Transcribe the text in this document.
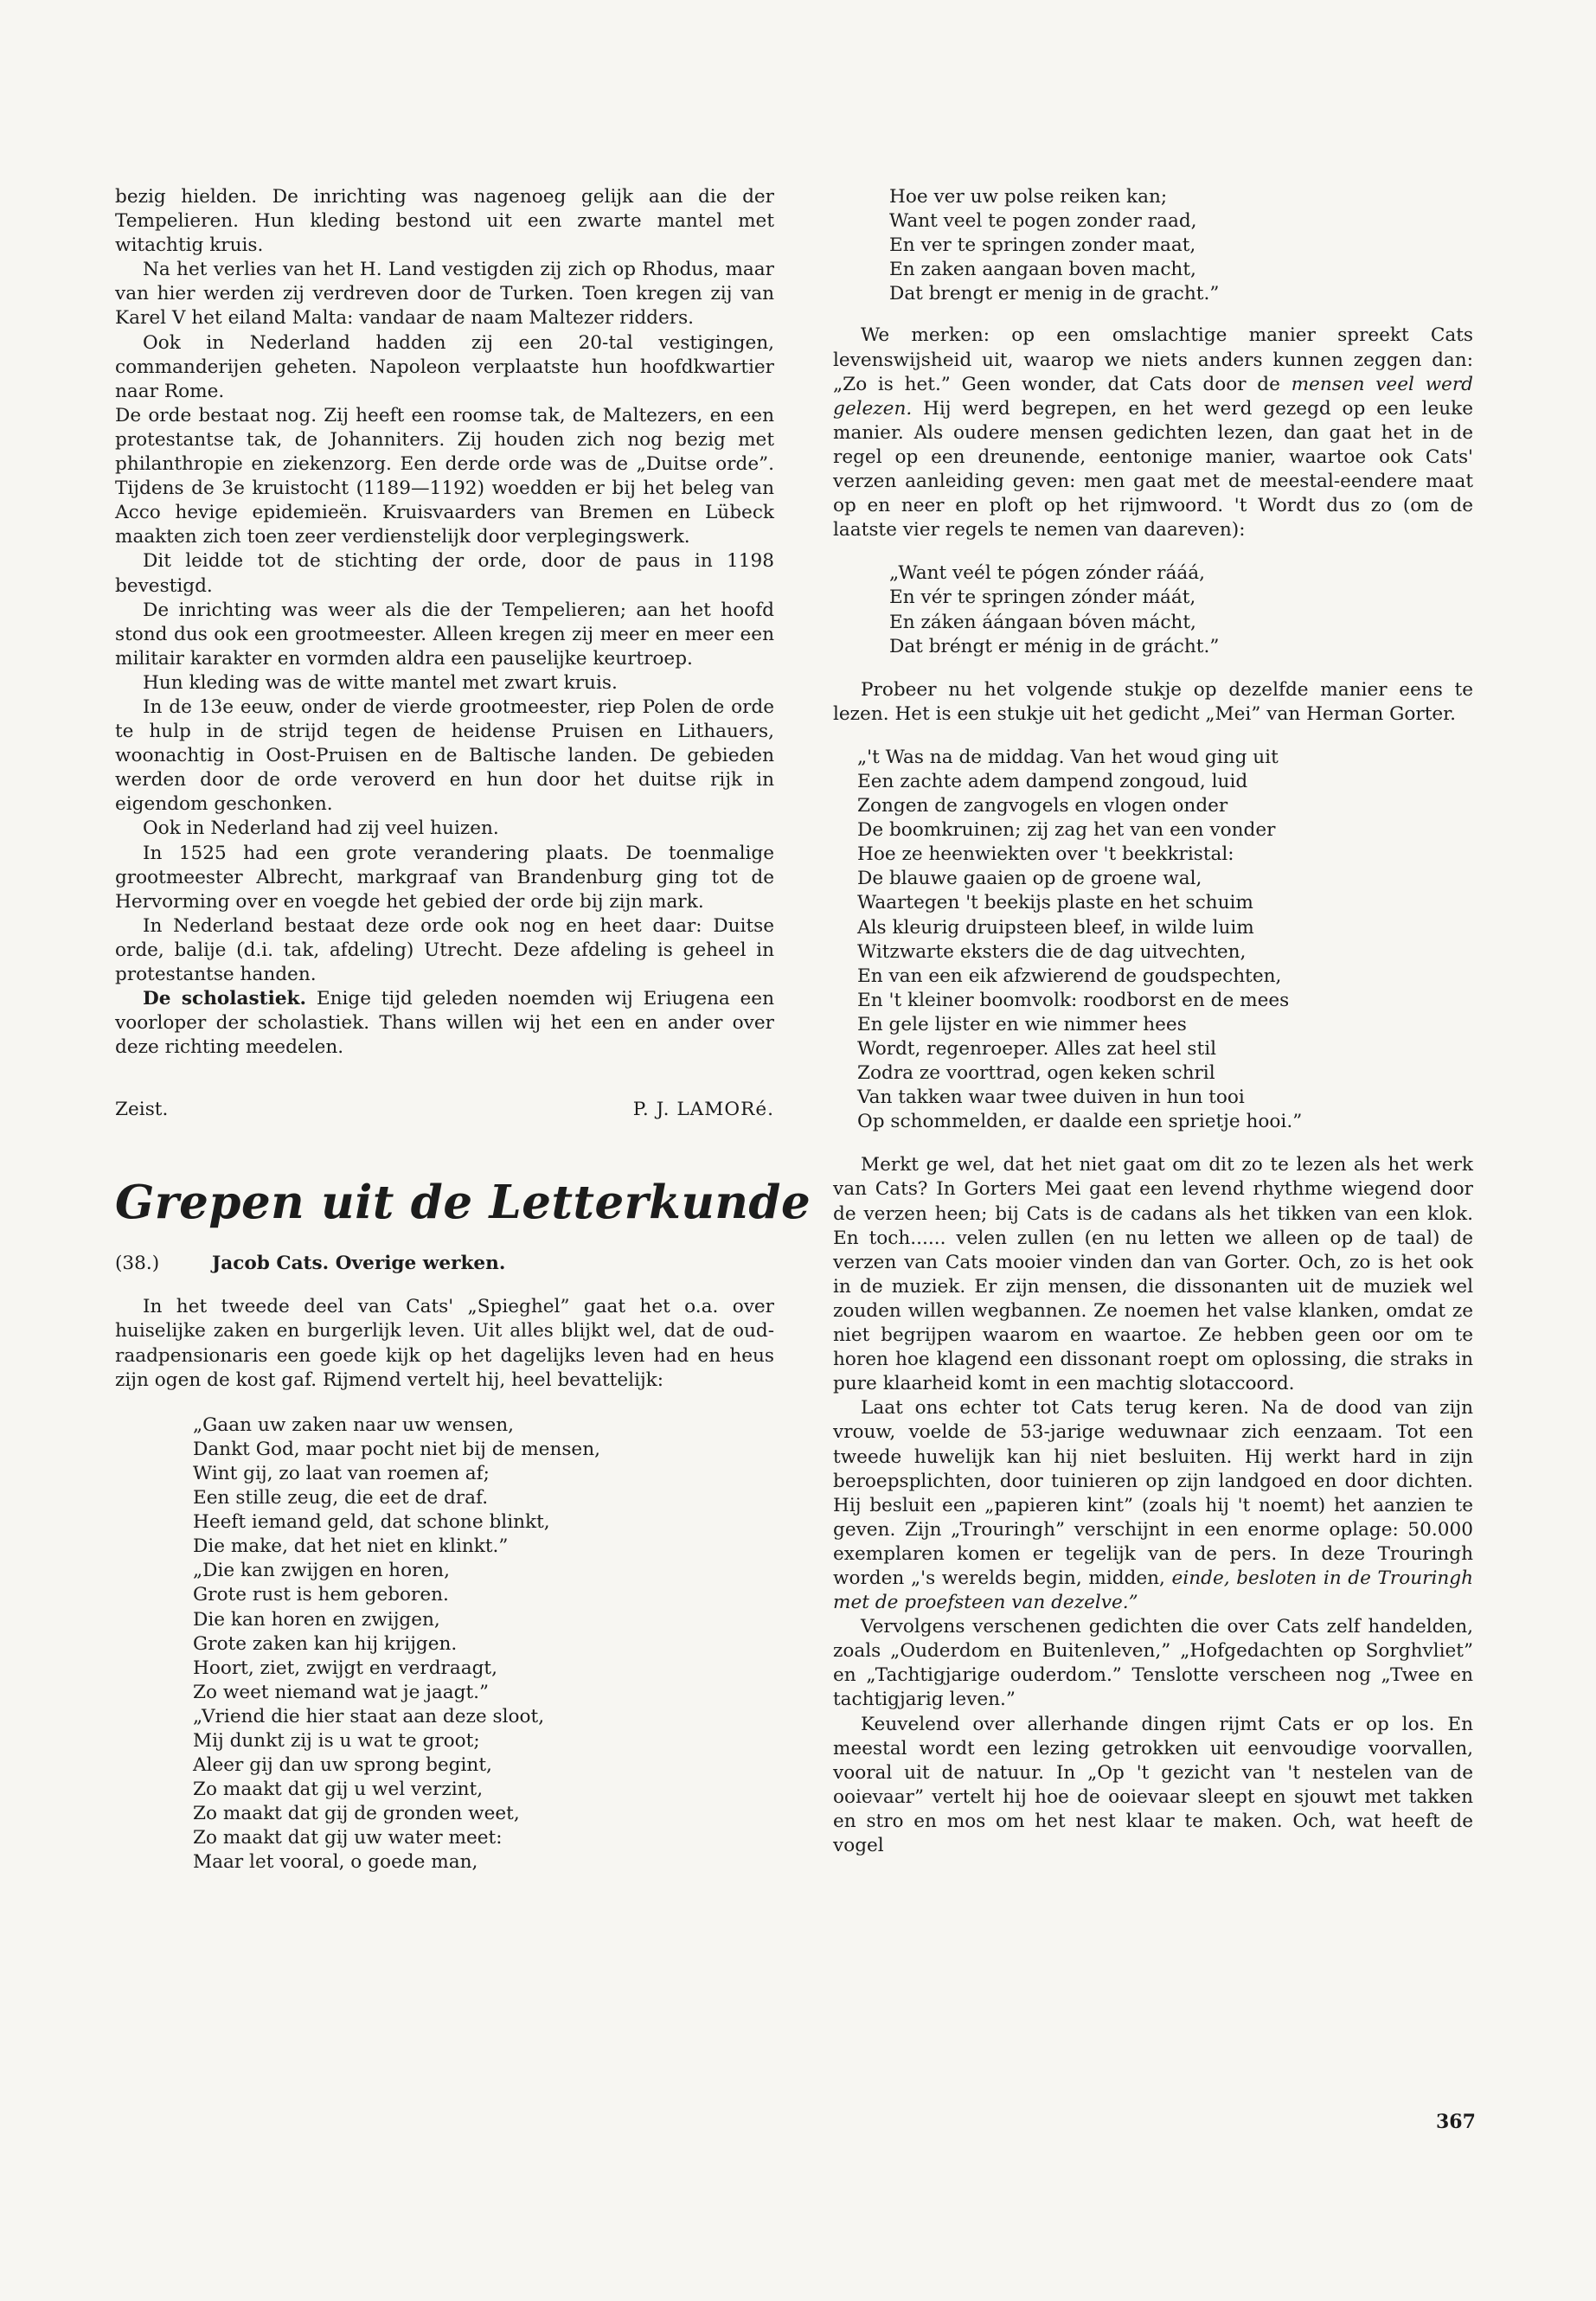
bezig hielden. De inrichting was nagenoeg gelijk aan die der Tempelieren. Hun kleding bestond uit een zwarte mantel met witachtig kruis.

Na het verlies van het H. Land vestigden zij zich op Rhodus, maar van hier werden zij verdreven door de Turken. Toen kregen zij van Karel V het eiland Malta: vandaar de naam Maltezer ridders.

Ook in Nederland hadden zij een 20-tal vestigingen, commanderijen geheten. Napoleon verplaatste hun hoofdkwartier naar Rome.

De orde bestaat nog. Zij heeft een roomse tak, de Maltezers, en een protestantse tak, de Johanniters. Zij houden zich nog bezig met philanthropie en ziekenzorg. Een derde orde was de „Duitse orde”. Tijdens de 3e kruistocht (1189—1192) woedden er bij het beleg van Acco hevige epidemieën. Kruisvaarders van Bremen en Lübeck maakten zich toen zeer verdienstelijk door verplegingswerk.

Dit leidde tot de stichting der orde, door de paus in 1198 bevestigd.

De inrichting was weer als die der Tempelieren; aan het hoofd stond dus ook een grootmeester. Alleen kregen zij meer en meer een militair karakter en vormden aldra een pauselijke keurtroep.

Hun kleding was de witte mantel met zwart kruis.

In de 13e eeuw, onder de vierde grootmeester, riep Polen de orde te hulp in de strijd tegen de heidense Pruisen en Lithauers, woonachtig in Oost-Pruisen en de Baltische landen. De gebieden werden door de orde veroverd en hun door het duitse rijk in eigendom geschonken.

Ook in Nederland had zij veel huizen.

In 1525 had een grote verandering plaats. De toenmalige grootmeester Albrecht, markgraaf van Brandenburg ging tot de Hervorming over en voegde het gebied der orde bij zijn mark.

In Nederland bestaat deze orde ook nog en heet daar: Duitse orde, balije (d.i. tak, afdeling) Utrecht. Deze afdeling is geheel in protestantse handen.

De scholastiek. Enige tijd geleden noemden wij Eriugena een voorloper der scholastiek. Thans willen wij het een en ander over deze richting meedelen.

Zeist.	P. J. LAMORé.
Grepen uit de Letterkunde
(38.)	Jacob Cats. Overige werken.

In het tweede deel van Cats' „Spieghel” gaat het o.a. over huiselijke zaken en burgerlijk leven. Uit alles blijkt wel, dat de oud-raadpensionaris een goede kijk op het dagelijks leven had en heus zijn ogen de kost gaf. Rijmend vertelt hij, heel bevattelijk:

„Gaan uw zaken naar uw wensen,
Dankt God, maar pocht niet bij de mensen,
Wint gij, zo laat van roemen af;
Een stille zeug, die eet de draf.
Heeft iemand geld, dat schone blinkt,
Die make, dat het niet en klinkt.”
„Die kan zwijgen en horen,
Grote rust is hem geboren.
Die kan horen en zwijgen,
Grote zaken kan hij krijgen.
Hoort, ziet, zwijgt en verdraagt,
Zo weet niemand wat je jaagt.”
„Vriend die hier staat aan deze sloot,
Mij dunkt zij is u wat te groot;
Aleer gij dan uw sprong begint,
Zo maakt dat gij u wel verzint,
Zo maakt dat gij de gronden weet,
Zo maakt dat gij uw water meet:
Maar let vooral, o goede man,
Hoe ver uw polse reiken kan;
Want veel te pogen zonder raad,
En ver te springen zonder maat,
En zaken aangaan boven macht,
Dat brengt er menig in de gracht.”

We merken: op een omslachtige manier spreekt Cats levenswijsheid uit, waarop we niets anders kunnen zeggen dan: „Zo is het.” Geen wonder, dat Cats door de mensen veel werd gelezen. Hij werd begrepen, en het werd gezegd op een leuke manier. Als oudere mensen gedichten lezen, dan gaat het in de regel op een dreunende, eentonige manier, waartoe ook Cats' verzen aanleiding geven: men gaat met de meestal-eendere maat op en neer en ploft op het rijmwoord. 't Wordt dus zo (om de laatste vier regels te nemen van daareven):

„Want veél te pógen zónder rááá,
En vér te springen zónder máát,
En záken áángaan bóven mácht,
Dat bréngt er ménig in de grácht.”

Probeer nu het volgende stukje op dezelfde manier eens te lezen. Het is een stukje uit het gedicht „Mei” van Herman Gorter.

„'t Was na de middag. Van het woud ging uit
Een zachte adem dampend zongoud, luid
Zongen de zangvogels en vlogen onder
De boomkruinen; zij zag het van een vonder
Hoe ze heenwiekten over 't beekkristal:
De blauwe gaaien op de groene wal,
Waartegen 't beekijs plaste en het schuim
Als kleurig druipsteen bleef, in wilde luim
Witzwarte eksters die de dag uitvechten,
En van een eik afzwierend de goudspechten,
En 't kleiner boomvolk: roodborst en de mees
En gele lijster en wie nimmer hees
Wordt, regenroeper. Alles zat heel stil
Zodra ze voorttrad, ogen keken schril
Van takken waar twee duiven in hun tooi
Op schommelden, er daalde een sprietje hooi.”

Merkt ge wel, dat het niet gaat om dit zo te lezen als het werk van Cats? In Gorters Mei gaat een levend rhythme wiegend door de verzen heen; bij Cats is de cadans als het tikken van een klok. En toch...... velen zullen (en nu letten we alleen op de taal) de verzen van Cats mooier vinden dan van Gorter. Och, zo is het ook in de muziek. Er zijn mensen, die dissonanten uit de muziek wel zouden willen wegbannen. Ze noemen het valse klanken, omdat ze niet begrijpen waarom en waartoe. Ze hebben geen oor om te horen hoe klagend een dissonant roept om oplossing, die straks in pure klaarheid komt in een machtig slotaccoord.

Laat ons echter tot Cats terug keren. Na de dood van zijn vrouw, voelde de 53-jarige weduwnaar zich eenzaam. Tot een tweede huwelijk kan hij niet besluiten. Hij werkt hard in zijn beroepsplichten, door tuinieren op zijn landgoed en door dichten. Hij besluit een „papieren kint” (zoals hij 't noemt) het aanzien te geven. Zijn „Trouringh” verschijnt in een enorme oplage: 50.000 exemplaren komen er tegelijk van de pers. In deze Trouringh worden „'s werelds begin, midden, einde, besloten in de Trouringh met de proefsteen van dezelve.”

Vervolgens verschenen gedichten die over Cats zelf handelden, zoals „Ouderdom en Buitenleven,” „Hofgedachten op Sorghvliet” en „Tachtigjarige ouderdom.” Tenslotte verscheen nog „Twee en tachtigjarig leven.”

Keuvelend over allerhande dingen rijmt Cats er op los. En meestal wordt een lezing getrokken uit eenvoudige voorvallen, vooral uit de natuur. In „Op 't gezicht van 't nestelen van de ooievaar” vertelt hij hoe de ooievaar sleept en sjouwt met takken en stro en mos om het nest klaar te maken. Och, wat heeft de vogel

367
